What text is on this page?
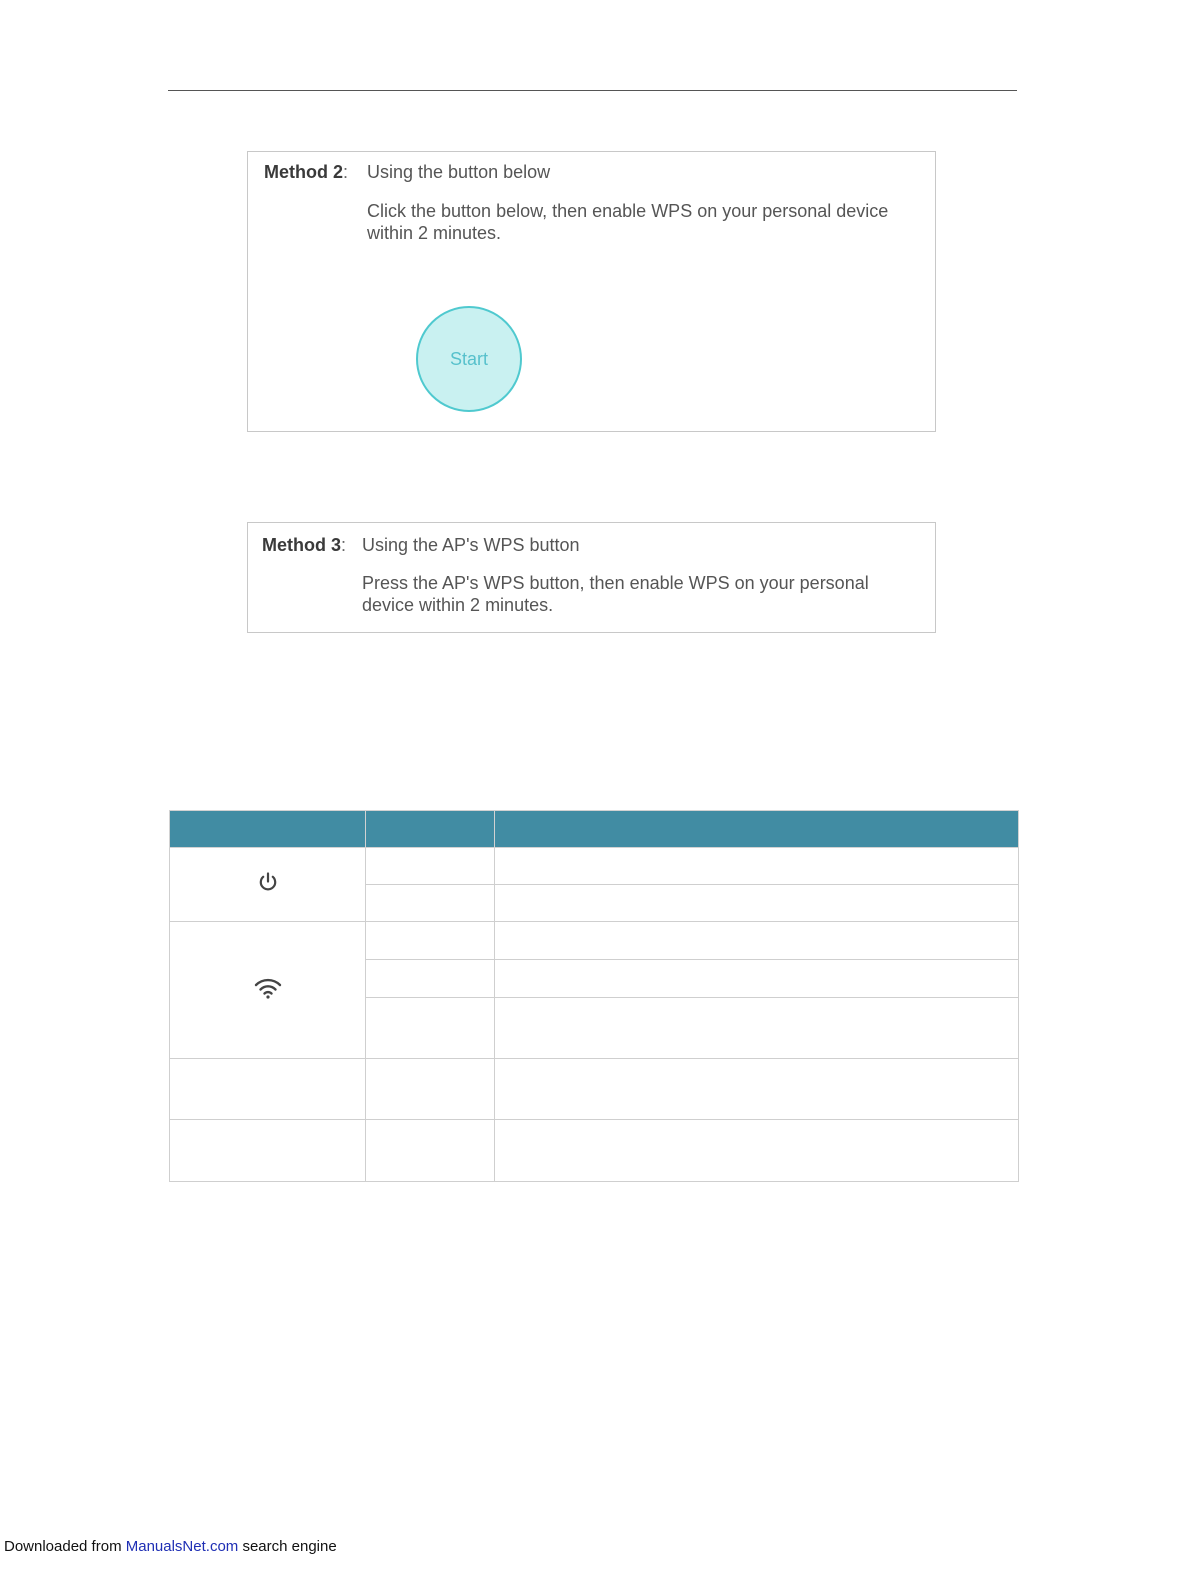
Method 2: Using the button below
Click the button below, then enable WPS on your personal device
within 2 minutes.
Start
Method 3: Using the AP's WPS button
Press the AP's WPS button, then enable WPS on your personal
device within 2 minutes.

Downloaded from ManualsNet.com search engine
